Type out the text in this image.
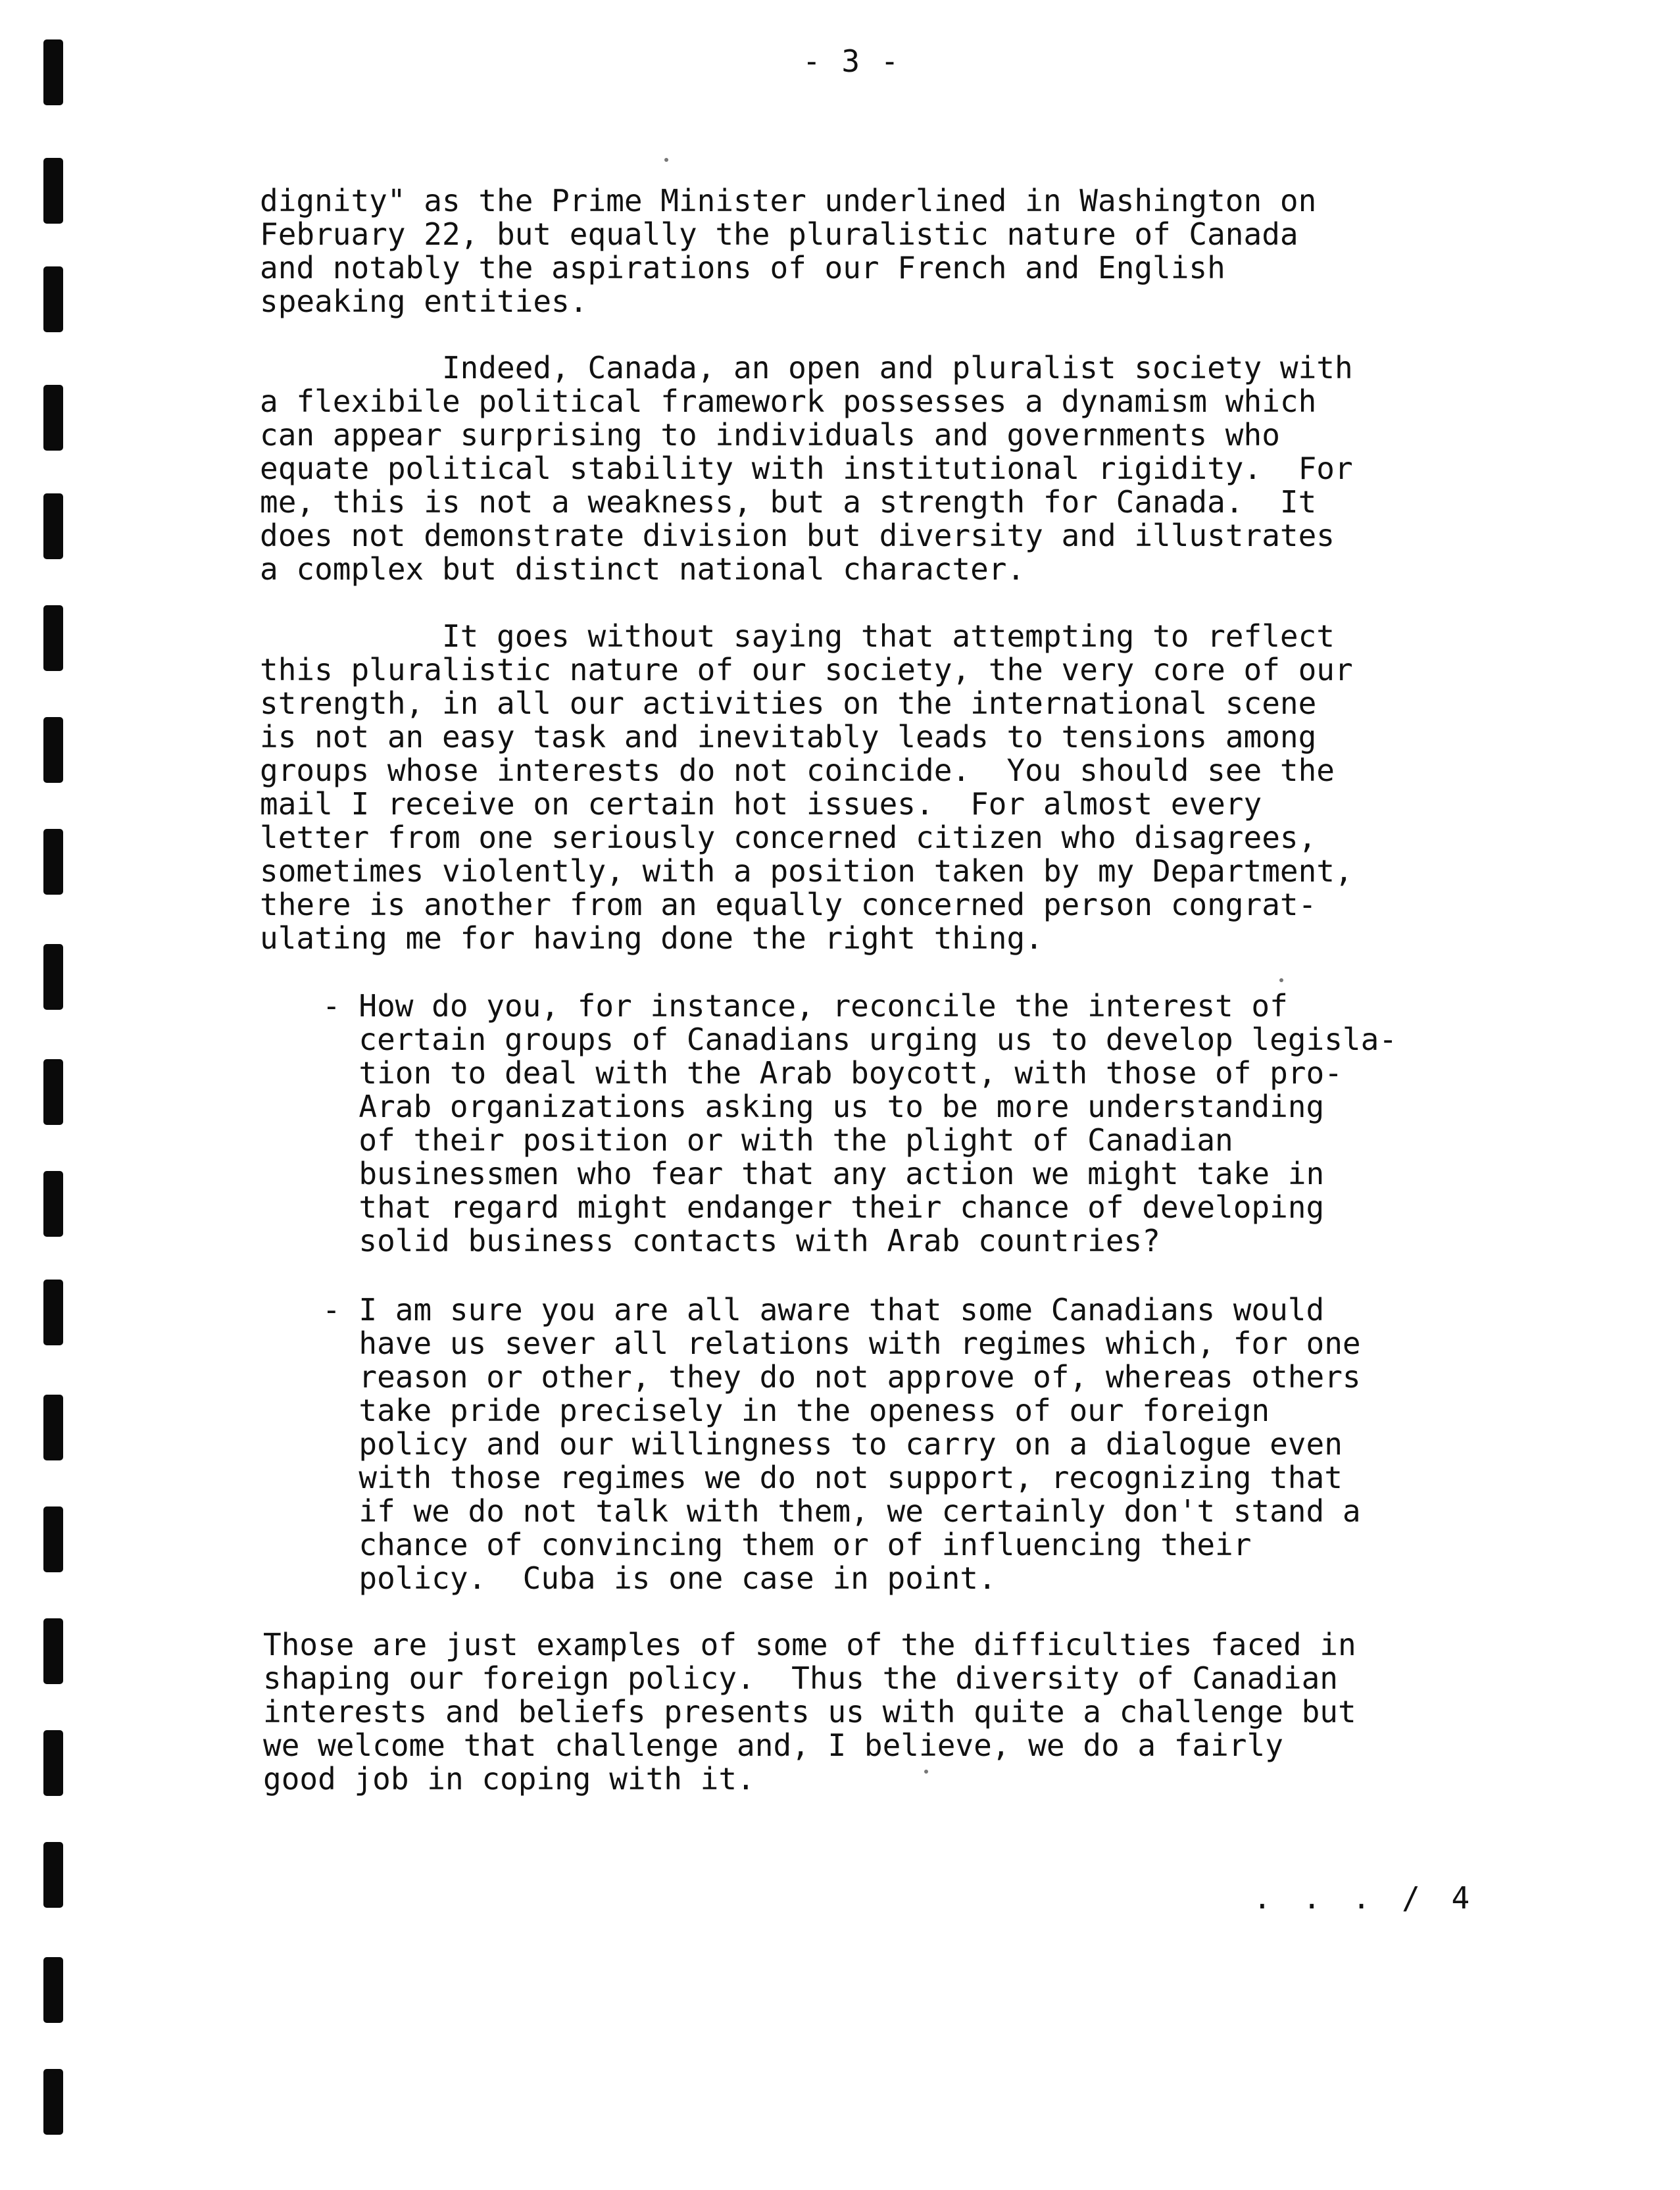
- 3 -

dignity" as the Prime Minister underlined in Washington on
February 22, but equally the pluralistic nature of Canada
and notably the aspirations of our French and English
speaking entities.

Indeed, Canada, an open and pluralist society with
a flexibile political framework possesses a dynamism which
can appear surprising to individuals and governments who
equate political stability with institutional rigidity.  For
me, this is not a weakness, but a strength for Canada.  It
does not demonstrate division but diversity and illustrates
a complex but distinct national character.

It goes without saying that attempting to reflect
this pluralistic nature of our society, the very core of our
strength, in all our activities on the international scene
is not an easy task and inevitably leads to tensions among
groups whose interests do not coincide.  You should see the
mail I receive on certain hot issues.  For almost every
letter from one seriously concerned citizen who disagrees,
sometimes violently, with a position taken by my Department,
there is another from an equally concerned person congrat-
ulating me for having done the right thing.

- How do you, for instance, reconcile the interest of
certain groups of Canadians urging us to develop legisla-
tion to deal with the Arab boycott, with those of pro-
Arab organizations asking us to be more understanding
of their position or with the plight of Canadian
businessmen who fear that any action we might take in
that regard might endanger their chance of developing
solid business contacts with Arab countries?

- I am sure you are all aware that some Canadians would
have us sever all relations with regimes which, for one
reason or other, they do not approve of, whereas others
take pride precisely in the openess of our foreign
policy and our willingness to carry on a dialogue even
with those regimes we do not support, recognizing that
if we do not talk with them, we certainly don't stand a
chance of convincing them or of influencing their
policy.  Cuba is one case in point.

Those are just examples of some of the difficulties faced in
shaping our foreign policy.  Thus the diversity of Canadian
interests and beliefs presents us with quite a challenge but
we welcome that challenge and, I believe, we do a fairly
good job in coping with it.

. . . / 4
